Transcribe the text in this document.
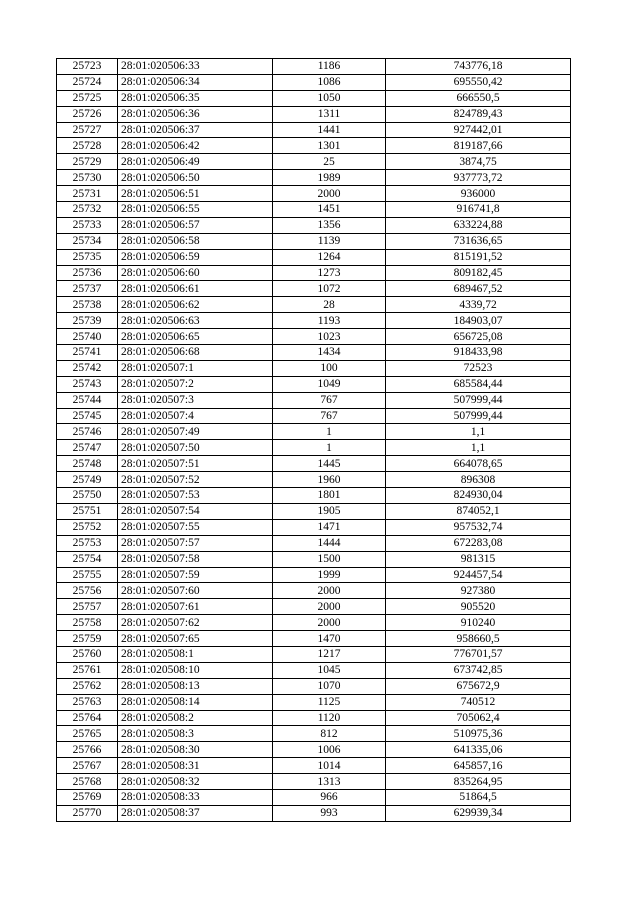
25723	28:01:020506:33	1186	743776,18
25724	28:01:020506:34	1086	695550,42
25725	28:01:020506:35	1050	666550,5
25726	28:01:020506:36	1311	824789,43
25727	28:01:020506:37	1441	927442,01
25728	28:01:020506:42	1301	819187,66
25729	28:01:020506:49	25	3874,75
25730	28:01:020506:50	1989	937773,72
25731	28:01:020506:51	2000	936000
25732	28:01:020506:55	1451	916741,8
25733	28:01:020506:57	1356	633224,88
25734	28:01:020506:58	1139	731636,65
25735	28:01:020506:59	1264	815191,52
25736	28:01:020506:60	1273	809182,45
25737	28:01:020506:61	1072	689467,52
25738	28:01:020506:62	28	4339,72
25739	28:01:020506:63	1193	184903,07
25740	28:01:020506:65	1023	656725,08
25741	28:01:020506:68	1434	918433,98
25742	28:01:020507:1	100	72523
25743	28:01:020507:2	1049	685584,44
25744	28:01:020507:3	767	507999,44
25745	28:01:020507:4	767	507999,44
25746	28:01:020507:49	1	1,1
25747	28:01:020507:50	1	1,1
25748	28:01:020507:51	1445	664078,65
25749	28:01:020507:52	1960	896308
25750	28:01:020507:53	1801	824930,04
25751	28:01:020507:54	1905	874052,1
25752	28:01:020507:55	1471	957532,74
25753	28:01:020507:57	1444	672283,08
25754	28:01:020507:58	1500	981315
25755	28:01:020507:59	1999	924457,54
25756	28:01:020507:60	2000	927380
25757	28:01:020507:61	2000	905520
25758	28:01:020507:62	2000	910240
25759	28:01:020507:65	1470	958660,5
25760	28:01:020508:1	1217	776701,57
25761	28:01:020508:10	1045	673742,85
25762	28:01:020508:13	1070	675672,9
25763	28:01:020508:14	1125	740512
25764	28:01:020508:2	1120	705062,4
25765	28:01:020508:3	812	510975,36
25766	28:01:020508:30	1006	641335,06
25767	28:01:020508:31	1014	645857,16
25768	28:01:020508:32	1313	835264,95
25769	28:01:020508:33	966	51864,5
25770	28:01:020508:37	993	629939,34
